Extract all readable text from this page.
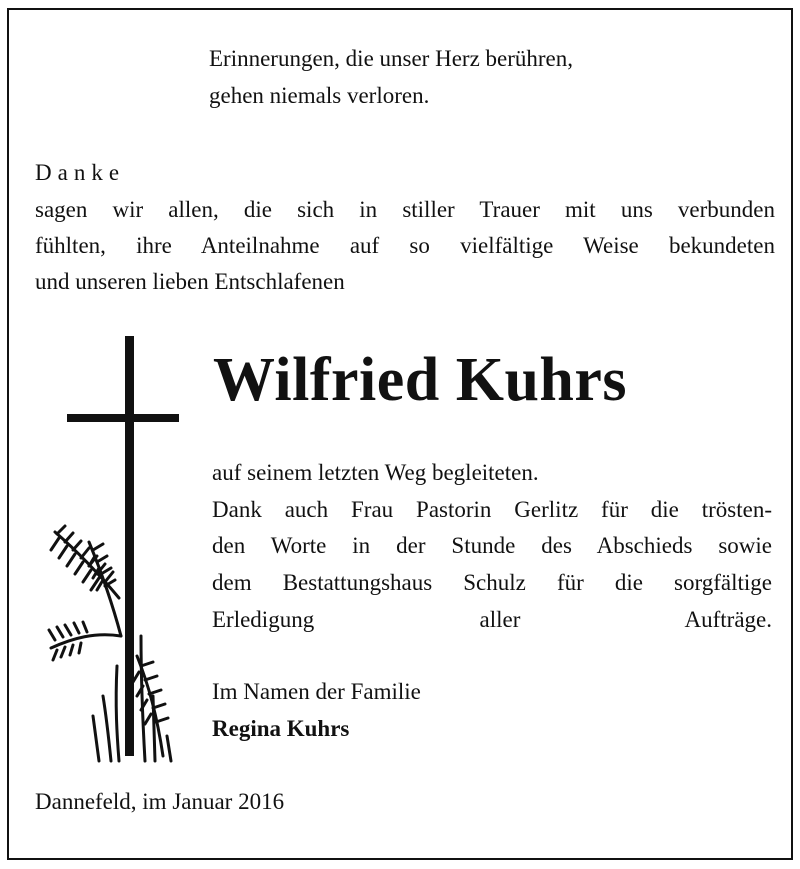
Erinnerungen, die unser Herz berühren,
gehen niemals verloren.
Danke
sagen wir allen, die sich in stiller Trauer mit uns verbunden
fühlten, ihre Anteilnahme auf so vielfältige Weise bekundeten
und unseren lieben Entschlafenen
Wilfried Kuhrs
auf seinem letzten Weg begleiteten.
Dank auch Frau Pastorin Gerlitz für die trösten-
den Worte in der Stunde des Abschieds sowie
dem Bestattungshaus Schulz für die sorgfältige
Erledigung aller Aufträge.
Im Namen der Familie
Regina Kuhrs
Dannefeld, im Januar 2016
